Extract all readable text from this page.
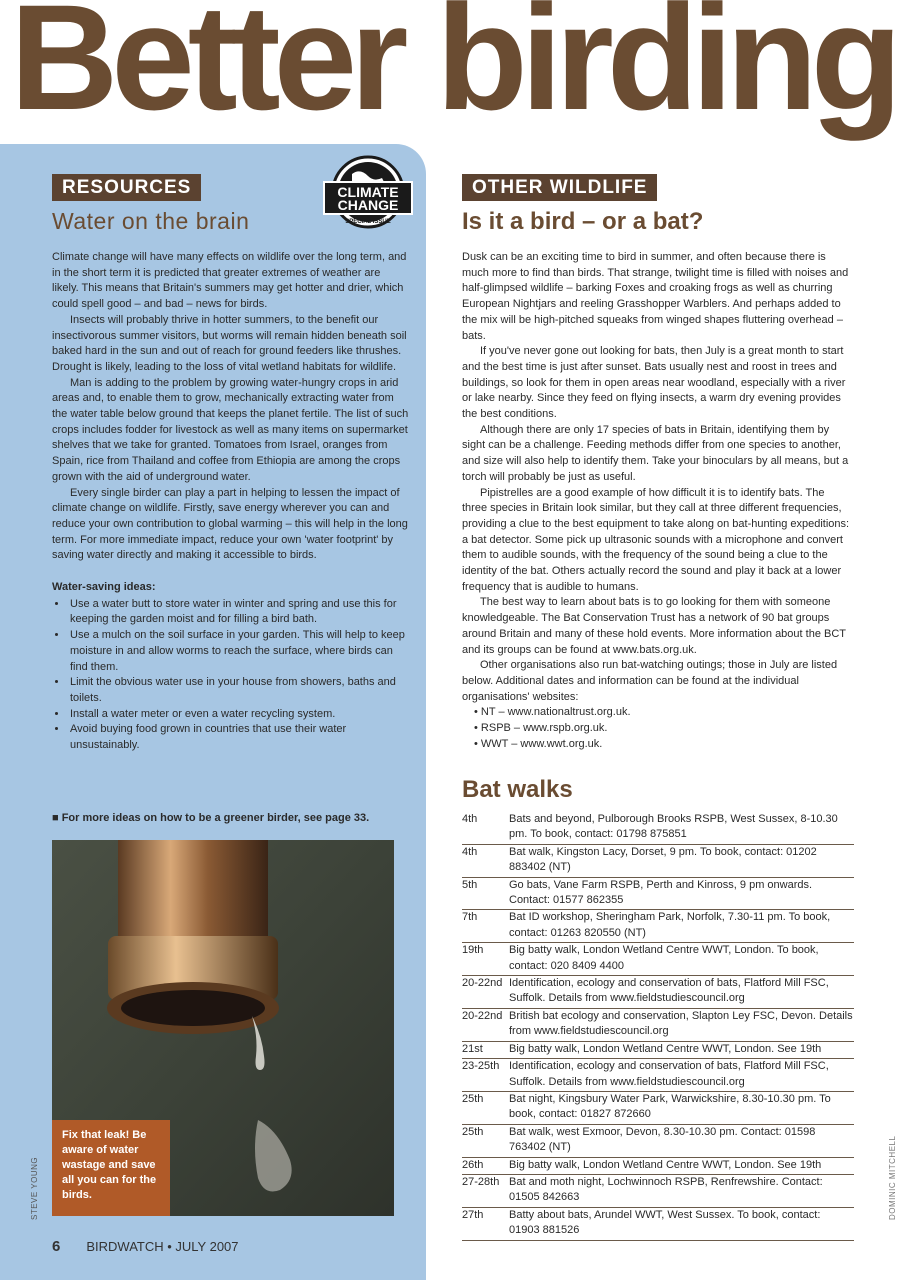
Better birding
RESOURCES	CLIMATE
CHANGE
SPECIAL ISSUE
Water on the brain

Climate change will have many effects on wildlife over the long term, and in the short term it is predicted that greater extremes of weather are likely. This means that Britain's summers may get hotter and drier, which could spell good – and bad – news for birds.

Insects will probably thrive in hotter summers, to the benefit our insectivorous summer visitors, but worms will remain hidden beneath soil baked hard in the sun and out of reach for ground feeders like thrushes. Drought is likely, leading to the loss of vital wetland habitats for wildlife.

Man is adding to the problem by growing water-hungry crops in arid areas and, to enable them to grow, mechanically extracting water from the water table below ground that keeps the planet fertile. The list of such crops includes fodder for livestock as well as many items on supermarket shelves that we take for granted. Tomatoes from Israel, oranges from Spain, rice from Thailand and coffee from Ethiopia are among the crops grown with the aid of underground water.

Every single birder can play a part in helping to lessen the impact of climate change on wildlife. Firstly, save energy wherever you can and reduce your own contribution to global warming – this will help in the long term. For more immediate impact, reduce your own 'water footprint' by saving water directly and making it accessible to birds.

Water-saving ideas:
• Use a water butt to store water in winter and spring and use this for keeping the garden moist and for filling a bird bath.
• Use a mulch on the soil surface in your garden. This will help to keep moisture in and allow worms to reach the surface, where birds can find them.
• Limit the obvious water use in your house from showers, baths and toilets.
• Install a water meter or even a water recycling system.
• Avoid buying food grown in countries that use their water unsustainably.
■ For more ideas on how to be a greener birder, see page 33.
Fix that leak! Be aware of water wastage and save all you can for the birds.
STEVE YOUNG
OTHER WILDLIFE
Is it a bird – or a bat?

Dusk can be an exciting time to bird in summer, and often because there is much more to find than birds. That strange, twilight time is filled with noises and half-glimpsed wildlife – barking Foxes and croaking frogs as well as churring European Nightjars and reeling Grasshopper Warblers. And perhaps added to the mix will be high-pitched squeaks from winged shapes fluttering overhead – bats.

If you've never gone out looking for bats, then July is a great month to start and the best time is just after sunset. Bats usually nest and roost in trees and buildings, so look for them in open areas near woodland, especially with a river or lake nearby. Since they feed on flying insects, a warm dry evening provides the best conditions.

Although there are only 17 species of bats in Britain, identifying them by sight can be a challenge. Feeding methods differ from one species to another, and size will also help to identify them. Take your binoculars by all means, but a torch will probably be just as useful.

Pipistrelles are a good example of how difficult it is to identify bats. The three species in Britain look similar, but they call at three different frequencies, providing a clue to the best equipment to take along on bat-hunting expeditions: a bat detector. Some pick up ultrasonic sounds with a microphone and convert them to audible sounds, with the frequency of the sound being a clue to the identity of the bat. Others actually record the sound and play it back at a lower frequency that is audible to humans.

The best way to learn about bats is to go looking for them with someone knowledgeable. The Bat Conservation Trust has a network of 90 bat groups around Britain and many of these hold events. More information about the BCT and its groups can be found at www.bats.org.uk.

Other organisations also run bat-watching outings; those in July are listed below. Additional dates and information can be found at the individual organisations' websites:

• NT – www.nationaltrust.org.uk.
• RSPB – www.rspb.org.uk.
• WWT – www.wwt.org.uk.
Bat walks
4th	Bats and beyond, Pulborough Brooks RSPB, West Sussex, 8-10.30 pm. To book, contact: 01798 875851
4th	Bat walk, Kingston Lacy, Dorset, 9 pm. To book, contact: 01202 883402 (NT)
5th	Go bats, Vane Farm RSPB, Perth and Kinross, 9 pm onwards. Contact: 01577 862355
7th	Bat ID workshop, Sheringham Park, Norfolk, 7.30-11 pm. To book, contact: 01263 820550 (NT)
19th	Big batty walk, London Wetland Centre WWT, London. To book, contact: 020 8409 4400
20-22nd	Identification, ecology and conservation of bats, Flatford Mill FSC, Suffolk. Details from www.fieldstudiescouncil.org
20-22nd	British bat ecology and conservation, Slapton Ley FSC, Devon. Details from www.fieldstudiescouncil.org
21st	Big batty walk, London Wetland Centre WWT, London. See 19th
23-25th	Identification, ecology and conservation of bats, Flatford Mill FSC, Suffolk. Details from www.fieldstudiescouncil.org
25th	Bat night, Kingsbury Water Park, Warwickshire, 8.30-10.30 pm. To book, contact: 01827 872660
25th	Bat walk, west Exmoor, Devon, 8.30-10.30 pm. Contact: 01598 763402 (NT)
26th	Big batty walk, London Wetland Centre WWT, London. See 19th
27-28th	Bat and moth night, Lochwinnoch RSPB, Renfrewshire. Contact: 01505 842663
27th	Batty about bats, Arundel WWT, West Sussex. To book, contact: 01903 881526
DOMINIC MITCHELL
6 BIRDWATCH • JULY 2007
